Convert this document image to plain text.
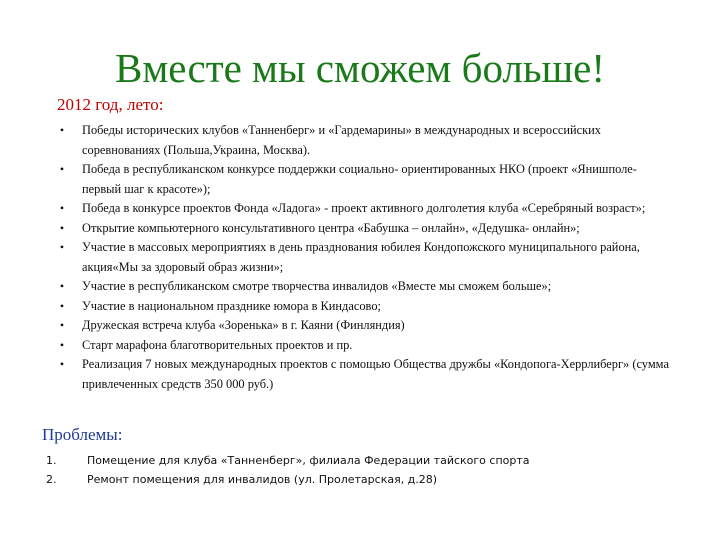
Вместе мы сможем больше!
2012 год, лето:
• Победы исторических клубов «Танненберг» и «Гардемарины» в международных и всероссийских соревнованиях (Польша,Украина, Москва).
• Победа в республиканском конкурсе поддержки социально- ориентированных НКО (проект «Янишполе- первый шаг к красоте»);
• Победа в конкурсе проектов Фонда «Ладога» - проект активного долголетия клуба «Серебряный возраст»;
• Открытие компьютерного консультативного центра «Бабушка – онлайн», «Дедушка- онлайн»;
• Участие в массовых мероприятиях в день празднования юбилея Кондопожского муниципального района, акция«Мы за здоровый образ жизни»;
• Участие в республиканском смотре творчества инвалидов «Вместе мы сможем больше»;
• Участие в национальном празднике юмора в Киндасово;
• Дружеская встреча клуба «Зоренька» в г. Каяни (Финляндия)
• Старт марафона благотворительных проектов и пр.
• Реализация 7 новых международных проектов с помощью Общества дружбы «Кондопога-Херрлиберг» (сумма привлеченных средств 350 000 руб.)
Проблемы:
1.	Помещение для клуба «Танненберг», филиала Федерации тайского спорта
2.	Ремонт помещения для инвалидов (ул. Пролетарская, д.28)
